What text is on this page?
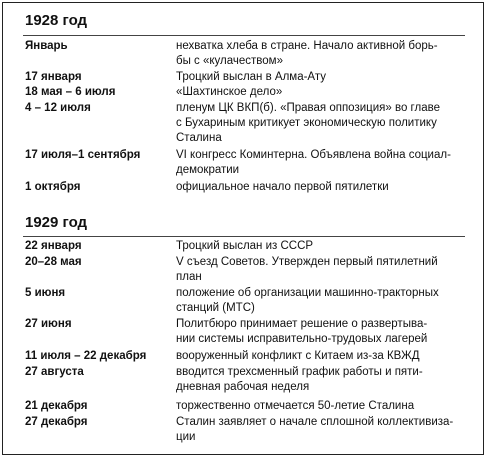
1928 год
Январь	нехватка хлеба в стране. Начало активной борь-
бы с «кулачеством»
17 января	Троцкий выслан в Алма-Ату
18 мая – 6 июля	«Шахтинское дело»
4 – 12 июля	пленум ЦК ВКП(б). «Правая оппозиция» во главе
с Бухариным критикует экономическую политику
Сталина
17 июля–1 сентября	VI конгресс Коминтерна. Объявлена война социал-
демократии
1 октября	официальное начало первой пятилетки
1929 год
22 января	Троцкий выслан из СССР
20–28 мая	V съезд Советов. Утвержден первый пятилетний
план
5 июня	положение об организации машинно-тракторных
станций (МТС)
27 июня	Политбюро принимает решение о развертыва-
нии системы исправительно-трудовых лагерей
11 июля – 22 декабря	вооруженный конфликт с Китаем из-за КВЖД
27 августа	вводится трехсменный график работы и пяти-
дневная рабочая неделя
21 декабря	торжественно отмечается 50-летие Сталина
27 декабря	Сталин заявляет о начале сплошной коллективиза-
ции
